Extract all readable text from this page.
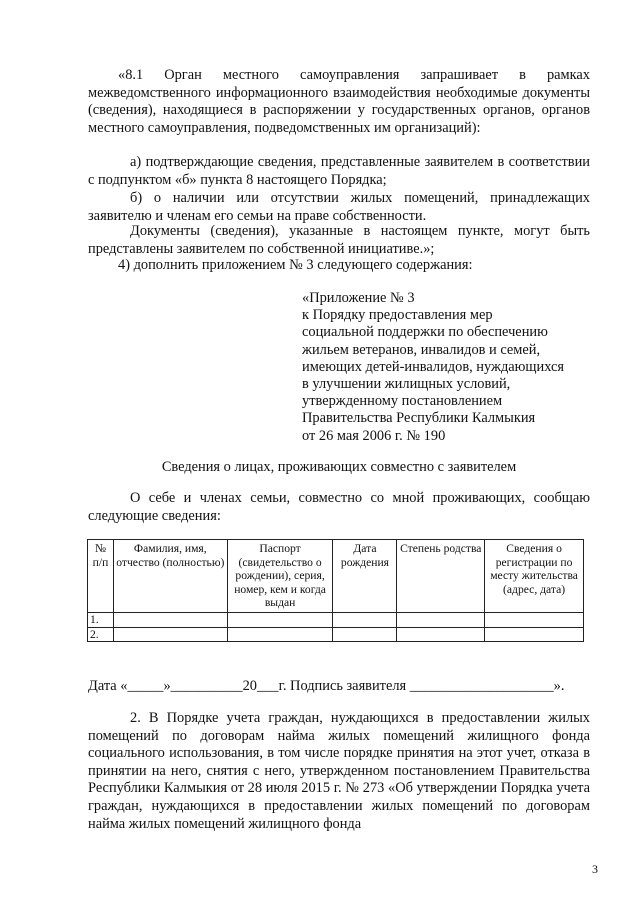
«8.1 Орган местного самоуправления запрашивает в рамках межведомственного информационного взаимодействия необходимые документы (сведения), находящиеся в распоряжении у государственных органов, органов местного самоуправления, подведомственных им организаций):
а) подтверждающие сведения, представленные заявителем в соответствии с подпунктом «б» пункта 8 настоящего Порядка;
б) о наличии или отсутствии жилых помещений, принадлежащих заявителю и членам его семьи на праве собственности.
Документы (сведения), указанные в настоящем пункте, могут быть представлены заявителем по собственной инициативе.»;
4) дополнить приложением № 3 следующего содержания:
«Приложение № 3
к Порядку предоставления мер
социальной поддержки по обеспечению
жильем ветеранов, инвалидов и семей,
имеющих детей-инвалидов, нуждающихся
в улучшении жилищных условий,
утвержденному постановлением
Правительства Республики Калмыкия
от 26 мая 2006 г. № 190
Сведения о лицах, проживающих совместно с заявителем
О себе и членах семьи, совместно со мной проживающих, сообщаю следующие сведения:
№ п/п	Фамилия, имя, отчество (полностью)	Паспорт (свидетельство о рождении), серия, номер, кем и когда выдан	Дата рождения	Степень родства	Сведения о регистрации по месту жительства (адрес, дата)
1.					
2.					
Дата «_____»__________20___г. Подпись заявителя ____________________».
2. В Порядке учета граждан, нуждающихся в предоставлении жилых помещений по договорам найма жилых помещений жилищного фонда социального использования, в том числе порядке принятия на этот учет, отказа в принятии на него, снятия с него, утвержденном постановлением Правительства Республики Калмыкия от 28 июля 2015 г. № 273 «Об утверждении Порядка учета граждан, нуждающихся в предоставлении жилых помещений по договорам найма жилых помещений жилищного фонда
3
